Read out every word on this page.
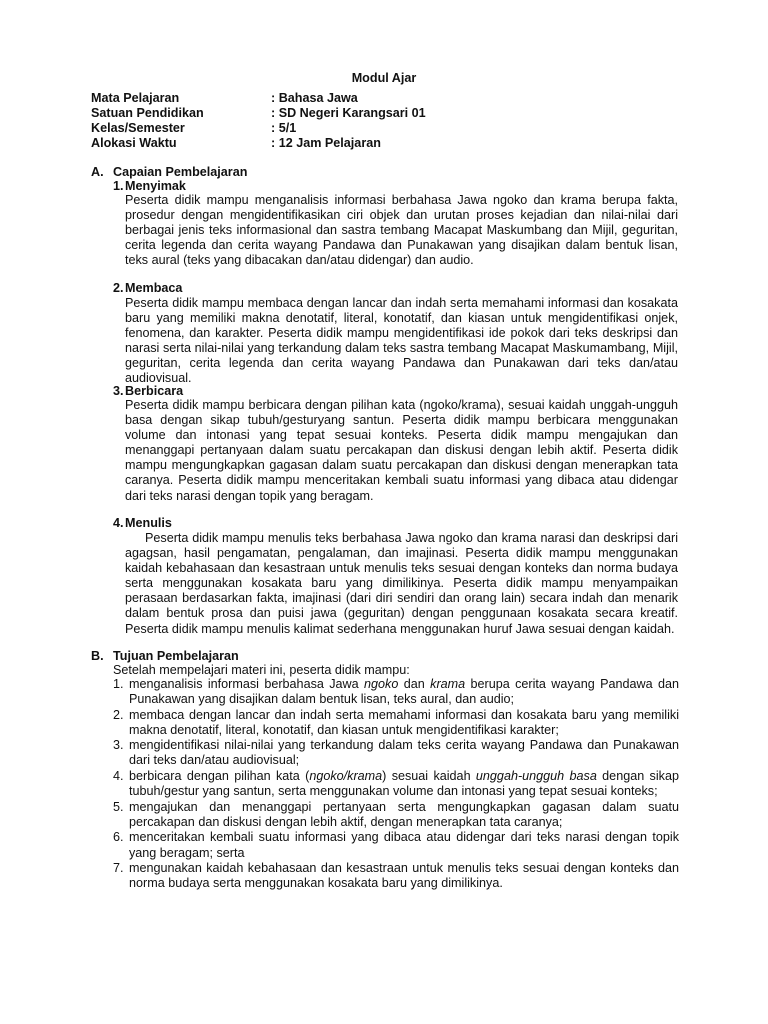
Modul Ajar
Mata Pelajaran	: Bahasa Jawa
Satuan Pendidikan	: SD Negeri Karangsari 01
Kelas/Semester	: 5/1
Alokasi Waktu	: 12 Jam Pelajaran
A. Capaian Pembelajaran
1. Menyimak
Peserta didik mampu menganalisis informasi berbahasa Jawa ngoko dan krama berupa fakta, prosedur dengan mengidentifikasikan ciri objek dan urutan proses kejadian dan nilai-nilai dari berbagai jenis teks informasional dan sastra tembang Macapat Maskumbang dan Mijil, geguritan, cerita legenda dan cerita wayang Pandawa dan Punakawan yang disajikan dalam bentuk lisan, teks aural (teks yang dibacakan dan/atau didengar) dan audio.
2. Membaca
Peserta didik mampu membaca dengan lancar dan indah serta memahami informasi dan kosakata baru yang memiliki makna denotatif, literal, konotatif, dan kiasan untuk mengidentifikasi onjek, fenomena, dan karakter. Peserta didik mampu mengidentifikasi ide pokok dari teks deskripsi dan narasi serta nilai-nilai yang terkandung dalam teks sastra tembang Macapat Maskumambang, Mijil, geguritan, cerita legenda dan cerita wayang Pandawa dan Punakawan dari teks dan/atau audiovisual.
3. Berbicara
Peserta didik mampu berbicara dengan pilihan kata (ngoko/krama), sesuai kaidah unggah-ungguh basa dengan sikap tubuh/gesturyang santun. Peserta didik mampu berbicara menggunakan volume dan intonasi yang tepat sesuai konteks. Peserta didik mampu mengajukan dan menanggapi pertanyaan dalam suatu percakapan dan diskusi dengan lebih aktif. Peserta didik mampu mengungkapkan gagasan dalam suatu percakapan dan diskusi dengan menerapkan tata caranya. Peserta didik mampu menceritakan kembali suatu informasi yang dibaca atau didengar dari teks narasi dengan topik yang beragam.
4. Menulis
Peserta didik mampu menulis teks berbahasa Jawa ngoko dan krama narasi dan deskripsi dari agagsan, hasil pengamatan, pengalaman, dan imajinasi. Peserta didik mampu menggunakan kaidah kebahasaan dan kesastraan untuk menulis teks sesuai dengan konteks dan norma budaya serta menggunakan kosakata baru yang dimilikinya. Peserta didik mampu menyampaikan perasaan berdasarkan fakta, imajinasi (dari diri sendiri dan orang lain) secara indah dan menarik dalam bentuk prosa dan puisi jawa (geguritan) dengan penggunaan kosakata secara kreatif. Peserta didik mampu menulis kalimat sederhana menggunakan huruf Jawa sesuai dengan kaidah.
B. Tujuan Pembelajaran
Setelah mempelajari materi ini, peserta didik mampu:
1. menganalisis informasi berbahasa Jawa ngoko dan krama berupa cerita wayang Pandawa dan Punakawan yang disajikan dalam bentuk lisan, teks aural, dan audio;
2. membaca dengan lancar dan indah serta memahami informasi dan kosakata baru yang memiliki makna denotatif, literal, konotatif, dan kiasan untuk mengidentifikasi karakter;
3. mengidentifikasi nilai-nilai yang terkandung dalam teks cerita wayang Pandawa dan Punakawan dari teks dan/atau audiovisual;
4. berbicara dengan pilihan kata (ngoko/krama) sesuai kaidah unggah-ungguh basa dengan sikap tubuh/gestur yang santun, serta menggunakan volume dan intonasi yang tepat sesuai konteks;
5. mengajukan dan menanggapi pertanyaan serta mengungkapkan gagasan dalam suatu percakapan dan diskusi dengan lebih aktif, dengan menerapkan tata caranya;
6. menceritakan kembali suatu informasi yang dibaca atau didengar dari teks narasi dengan topik yang beragam; serta
7. mengunakan kaidah kebahasaan dan kesastraan untuk menulis teks sesuai dengan konteks dan norma budaya serta menggunakan kosakata baru yang dimilikinya.
